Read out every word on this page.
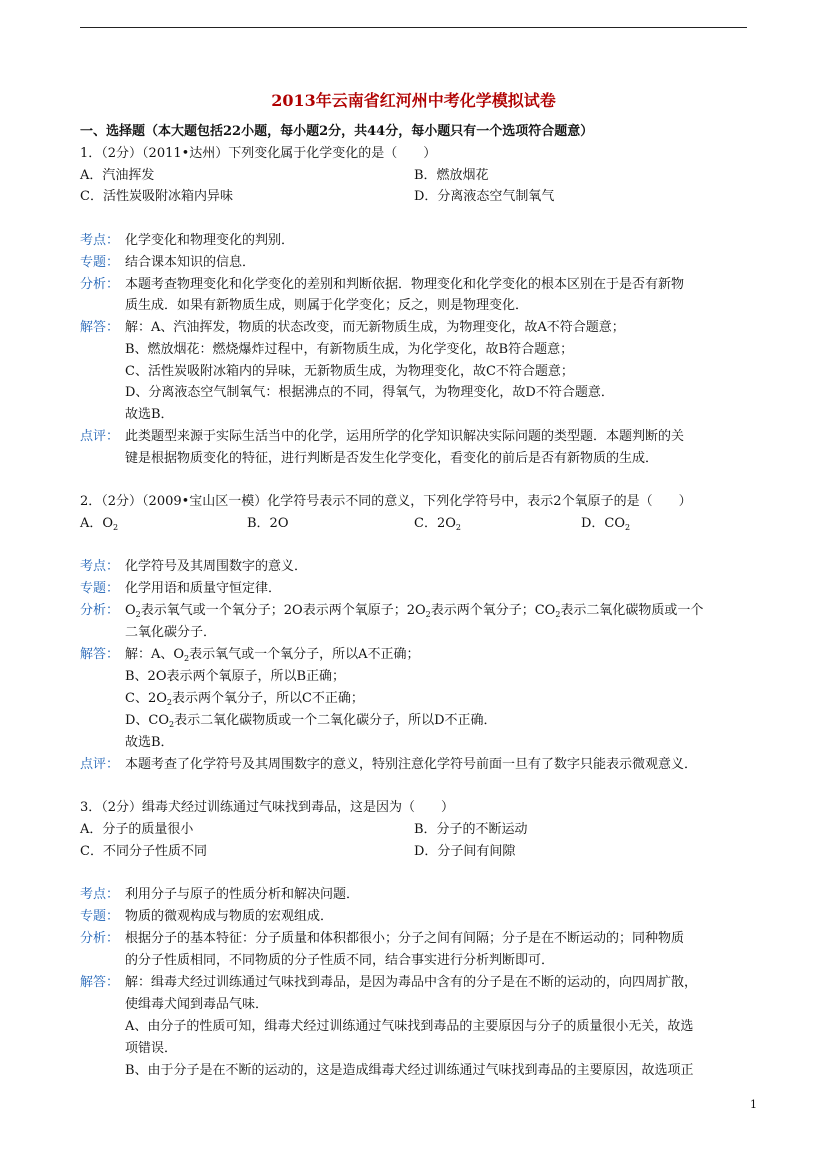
2013年云南省红河州中考化学模拟试卷
一、选择题（本大题包括22小题，每小题2分，共44分，每小题只有一个选项符合题意）
1．（2分）（2011•达州）下列变化属于化学变化的是（　　）
A．汽油挥发	B．燃放烟花
C．活性炭吸附冰箱内异味	D．分离液态空气制氧气
考点： 化学变化和物理变化的判别．
专题： 结合课本知识的信息．
分析： 本题考查物理变化和化学变化的差别和判断依据．物理变化和化学变化的根本区别在于是否有新物
质生成．如果有新物质生成，则属于化学变化；反之，则是物理变化．
解答： 解：A、汽油挥发，物质的状态改变，而无新物质生成，为物理变化，故A不符合题意；
B、燃放烟花：燃烧爆炸过程中，有新物质生成，为化学变化，故B符合题意；
C、活性炭吸附冰箱内的异味，无新物质生成，为物理变化，故C不符合题意；
D、分离液态空气制氧气：根据沸点的不同，得氧气，为物理变化，故D不符合题意．
故选B．
点评： 此类题型来源于实际生活当中的化学，运用所学的化学知识解决实际问题的类型题．本题判断的关
键是根据物质变化的特征，进行判断是否发生化学变化，看变化的前后是否有新物质的生成．
2．（2分）（2009•宝山区一模）化学符号表示不同的意义，下列化学符号中，表示2个氧原子的是（　　）
A．$O_2$	B．2O	C．$2O_2$	D．$CO_2$
考点： 化学符号及其周围数字的意义．
专题： 化学用语和质量守恒定律．
分析： $O_2$表示氧气或一个氧分子；2O表示两个氧原子；$2O_2$表示两个氧分子；$CO_2$表示二氧化碳物质或一个
二氧化碳分子．
解答： 解：A、$O_2$表示氧气或一个氧分子，所以A不正确；
B、2O表示两个氧原子，所以B正确；
C、$2O_2$表示两个氧分子，所以C不正确；
D、$CO_2$表示二氧化碳物质或一个二氧化碳分子，所以D不正确．
故选B．
点评： 本题考查了化学符号及其周围数字的意义，特别注意化学符号前面一旦有了数字只能表示微观意义．
3．（2分）缉毒犬经过训练通过气味找到毒品，这是因为（　　）
A．分子的质量很小	B．分子的不断运动
C．不同分子性质不同	D．分子间有间隙
考点： 利用分子与原子的性质分析和解决问题．
专题： 物质的微观构成与物质的宏观组成．
分析： 根据分子的基本特征：分子质量和体积都很小；分子之间有间隔；分子是在不断运动的；同种物质
的分子性质相同，不同物质的分子性质不同，结合事实进行分析判断即可．
解答： 解：缉毒犬经过训练通过气味找到毒品，是因为毒品中含有的分子是在不断的运动的，向四周扩散，
使缉毒犬闻到毒品气味．
A、由分子的性质可知，缉毒犬经过训练通过气味找到毒品的主要原因与分子的质量很小无关，故选
项错误．
B、由于分子是在不断的运动的，这是造成缉毒犬经过训练通过气味找到毒品的主要原因，故选项正
1
